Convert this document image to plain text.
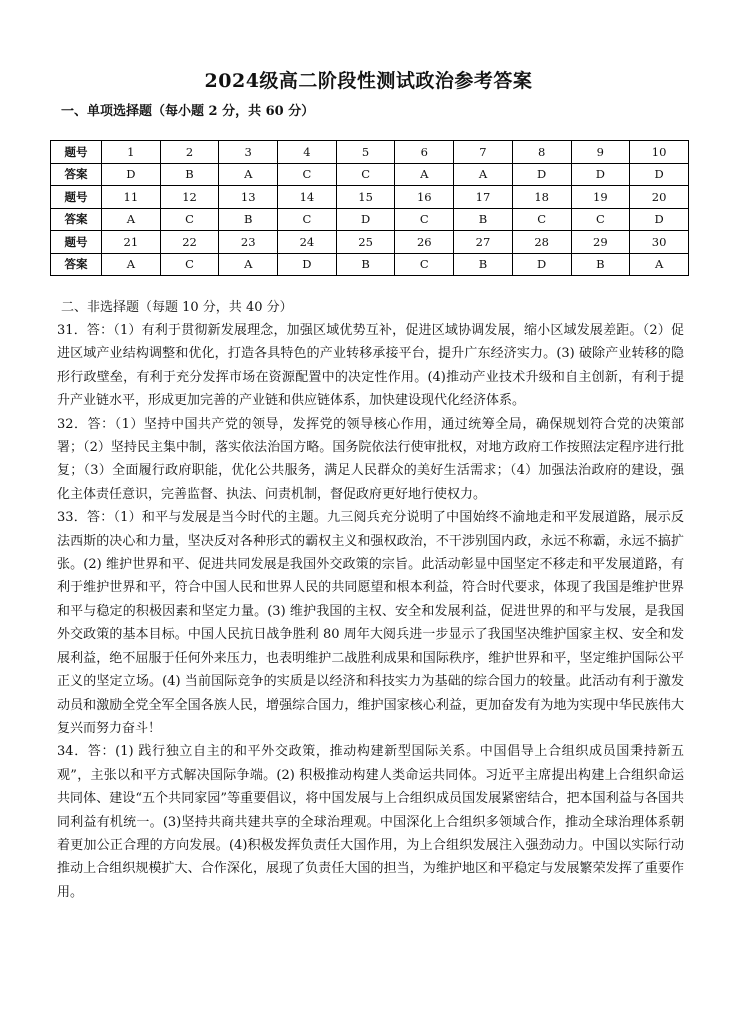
2024级高二阶段性测试政治参考答案
一、单项选择题（每小题 2 分，共 60 分）
题号	1	2	3	4	5	6	7	8	9	10
答案	D	B	A	C	C	A	A	D	D	D
题号	11	12	13	14	15	16	17	18	19	20
答案	A	C	B	C	D	C	B	C	C	D
题号	21	22	23	24	25	26	27	28	29	30
答案	A	C	A	D	B	C	B	D	B	A
二、非选择题（每题 10 分，共 40 分）

31．答：（1）有利于贯彻新发展理念，加强区域优势互补，促进区域协调发展，缩小区域发展差距。（2）促进区域产业结构调整和优化，打造各具特色的产业转移承接平台，提升广东经济实力。(3) 破除产业转移的隐形行政壁垒，有利于充分发挥市场在资源配置中的决定性作用。(4)推动产业技术升级和自主创新，有利于提升产业链水平，形成更加完善的产业链和供应链体系，加快建设现代化经济体系。

32．答：（1）坚持中国共产党的领导，发挥党的领导核心作用，通过统筹全局，确保规划符合党的决策部署；（2）坚持民主集中制，落实依法治国方略。国务院依法行使审批权，对地方政府工作按照法定程序进行批复；（3）全面履行政府职能，优化公共服务，满足人民群众的美好生活需求；（4）加强法治政府的建设，强化主体责任意识，完善监督、执法、问责机制，督促政府更好地行使权力。

33．答：（1）和平与发展是当今时代的主题。九三阅兵充分说明了中国始终不渝地走和平发展道路，展示反法西斯的决心和力量，坚决反对各种形式的霸权主义和强权政治，不干涉别国内政，永远不称霸，永远不搞扩张。(2) 维护世界和平、促进共同发展是我国外交政策的宗旨。此活动彰显中国坚定不移走和平发展道路，有利于维护世界和平，符合中国人民和世界人民的共同愿望和根本利益，符合时代要求，体现了我国是维护世界和平与稳定的积极因素和坚定力量。(3) 维护我国的主权、安全和发展利益，促进世界的和平与发展，是我国外交政策的基本目标。中国人民抗日战争胜利 80 周年大阅兵进一步显示了我国坚决维护国家主权、安全和发展利益，绝不屈服于任何外来压力，也表明维护二战胜利成果和国际秩序，维护世界和平，坚定维护国际公平正义的坚定立场。(4) 当前国际竞争的实质是以经济和科技实力为基础的综合国力的较量。此活动有利于激发动员和激励全党全军全国各族人民，增强综合国力，维护国家核心利益，更加奋发有为地为实现中华民族伟大复兴而努力奋斗！

34．答：(1) 践行独立自主的和平外交政策，推动构建新型国际关系。中国倡导上合组织成员国秉持新五观”，主张以和平方式解决国际争端。(2) 积极推动构建人类命运共同体。习近平主席提出构建上合组织命运共同体、建设“五个共同家园”等重要倡议，将中国发展与上合组织成员国发展紧密结合，把本国利益与各国共同利益有机统一。(3)坚持共商共建共享的全球治理观。中国深化上合组织多领域合作，推动全球治理体系朝着更加公正合理的方向发展。(4)积极发挥负责任大国作用，为上合组织发展注入强劲动力。中国以实际行动推动上合组织规模扩大、合作深化，展现了负责任大国的担当，为维护地区和平稳定与发展繁荣发挥了重要作用。
